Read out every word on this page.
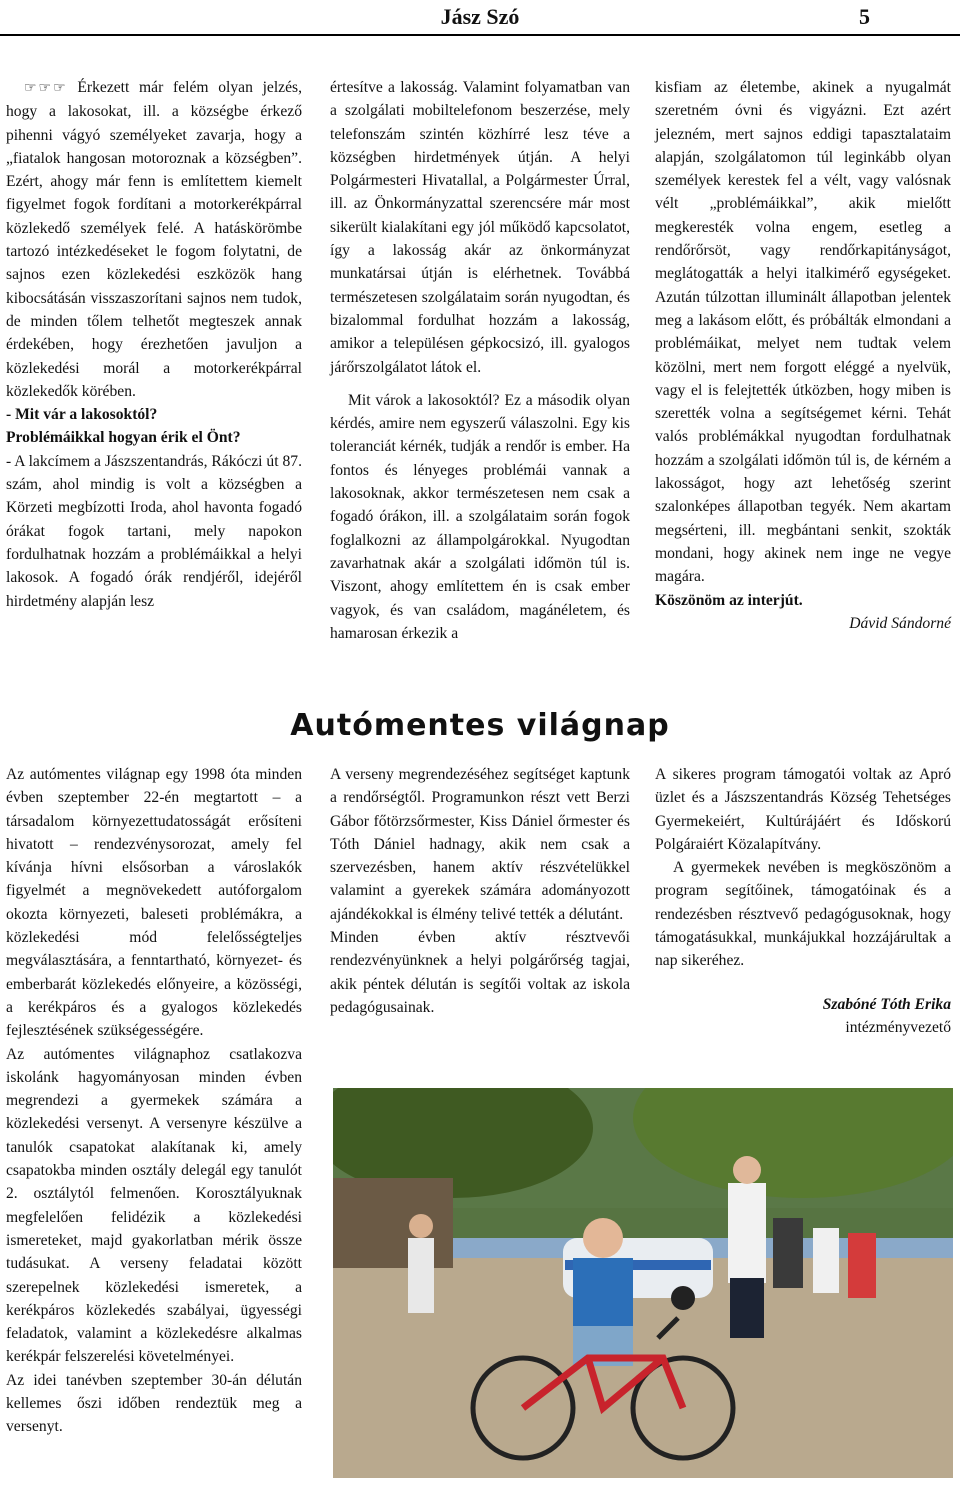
Jász Szó	5

☞☞☞ Érkezett már felém olyan jelzés, hogy a lakosokat, ill. a községbe érkező pihenni vágyó személyeket zavarja, hogy a „fiatalok hangosan motoroznak a községben”. Ezért, ahogy már fenn is említettem kiemelt figyelmet fogok fordítani a motorkerékpárral közlekedő személyek felé. A hatáskörömbe tartozó intézkedéseket le fogom folytatni, de sajnos ezen közlekedési eszközök hang kibocsátásán visszaszorítani sajnos nem tudok, de minden tőlem telhetőt megteszek annak érdekében, hogy érezhetően javuljon a közlekedési morál a motorkerékpárral közlekedők körében.

- Mit vár a lakosoktól?

Problémáikkal hogyan érik el Önt?

- A lakcímem a Jászszentandrás, Rákóczi út 87. szám, ahol mindig is volt a községben a Körzeti megbízotti Iroda, ahol havonta fogadó órákat fogok tartani, mely napokon fordulhatnak hozzám a problémáikkal a helyi lakosok. A fogadó órák rendjéről, idejéről hirdetmény alapján lesz

értesítve a lakosság. Valamint folyamatban van a szolgálati mobiltelefonom beszerzése, mely telefonszám szintén közhírré lesz téve a községben hirdetmények útján. A helyi Polgármesteri Hivatallal, a Polgármester Úrral, ill. az Önkormányzattal szerencsére már most sikerült kialakítani egy jól működő kapcsolatot, így a lakosság akár az önkormányzat munkatársai útján is elérhetnek. Továbbá természetesen szolgálataim során nyugodtan, és bizalommal fordulhat hozzám a lakosság, amikor a településen gépkocsizó, ill. gyalogos járőrszolgálatot látok el.

Mit várok a lakosoktól? Ez a második olyan kérdés, amire nem egyszerű válaszolni. Egy kis toleranciát kérnék, tudják a rendőr is ember. Ha fontos és lényeges problémái vannak a lakosoknak, akkor természetesen nem csak a fogadó órákon, ill. a szolgálataim során fogok foglalkozni az állampolgárokkal. Nyugodtan zavarhatnak akár a szolgálati időmön túl is. Viszont, ahogy említettem én is csak ember vagyok, és van családom, magánéletem, és hamarosan érkezik a

kisfiam az életembe, akinek a nyugalmát szeretném óvni és vigyázni. Ezt azért jelezném, mert sajnos eddigi tapasztalataim alapján, szolgálatomon túl leginkább olyan személyek kerestek fel a vélt, vagy valósnak vélt „problémáikkal”, akik mielőtt megkeresték volna engem, esetleg a rendőrőrsöt, vagy rendőrkapitányságot, meglátogatták a helyi italkimérő egységeket. Azután túlzottan illuminált állapotban jelentek meg a lakásom előtt, és próbálták elmondani a problémáikat, melyet nem tudtak velem közölni, mert nem forgott eléggé a nyelvük, vagy el is felejtették útközben, hogy miben is szerették volna a segítségemet kérni. Tehát valós problémákkal nyugodtan fordulhatnak hozzám a szolgálati időmön túl is, de kérném a lakosságot, hogy azt lehetőség szerint szalonképes állapotban tegyék. Nem akartam megsérteni, ill. megbántani senkit, szokták mondani, hogy akinek nem inge ne vegye magára.

Köszönöm az interjút.

Dávid Sándorné

Autómentes világnap

Az autómentes világnap egy 1998 óta minden évben szeptember 22-én megtartott – a társadalom környezettudatosságát erősíteni hivatott – rendezvénysorozat, amely fel kívánja hívni elsősorban a városlakók figyelmét a megnövekedett autóforgalom okozta környezeti, baleseti problémákra, a közlekedési mód felelősségteljes megválasztására, a fenntartható, környezet- és emberbarát közlekedés előnyeire, a közösségi, a kerékpáros és a gyalogos közlekedés fejlesztésének szükségességére.

Az autómentes világnaphoz csatlakozva iskolánk hagyományosan minden évben megrendezi a gyermekek számára a közlekedési versenyt. A versenyre készülve a tanulók csapatokat alakítanak ki, amely csapatokba minden osztály delegál egy tanulót 2. osztálytól felmenően. Korosztályuknak megfelelően felidézik a közlekedési ismereteket, majd gyakorlatban mérik össze tudásukat. A verseny feladatai között szerepelnek közlekedési ismeretek, a kerékpáros közlekedés szabályai, ügyességi feladatok, valamint a közlekedésre alkalmas kerékpár felszerelési követelményei.

Az idei tanévben szeptember 30-án délután kellemes őszi időben rendeztük meg a versenyt.

A verseny megrendezéséhez segítséget kaptunk a rendőrségtől. Programunkon részt vett Berzi Gábor főtörzsőrmester, Kiss Dániel őrmester és Tóth Dániel hadnagy, akik nem csak a szervezésben, hanem aktív részvételükkel valamint a gyerekek számára adományozott ajándékokkal is élmény telivé tették a délutánt.

Minden évben aktív résztvevői rendezvényünknek a helyi polgárőrség tagjai, akik péntek délután is segítői voltak az iskola pedagógusainak.

A sikeres program támogatói voltak az Apró üzlet és a Jászszentandrás Község Tehetséges Gyermekeiért, Kultúrájáért és Időskorú Polgáraiért Közalapítvány.

A gyermekek nevében is megköszönöm a program segítőinek, támogatóinak és a rendezésben résztvevő pedagógusoknak, hogy támogatásukkal, munkájukkal hozzájárultak a nap sikeréhez.

Szabóné Tóth Erika

intézményvezető
